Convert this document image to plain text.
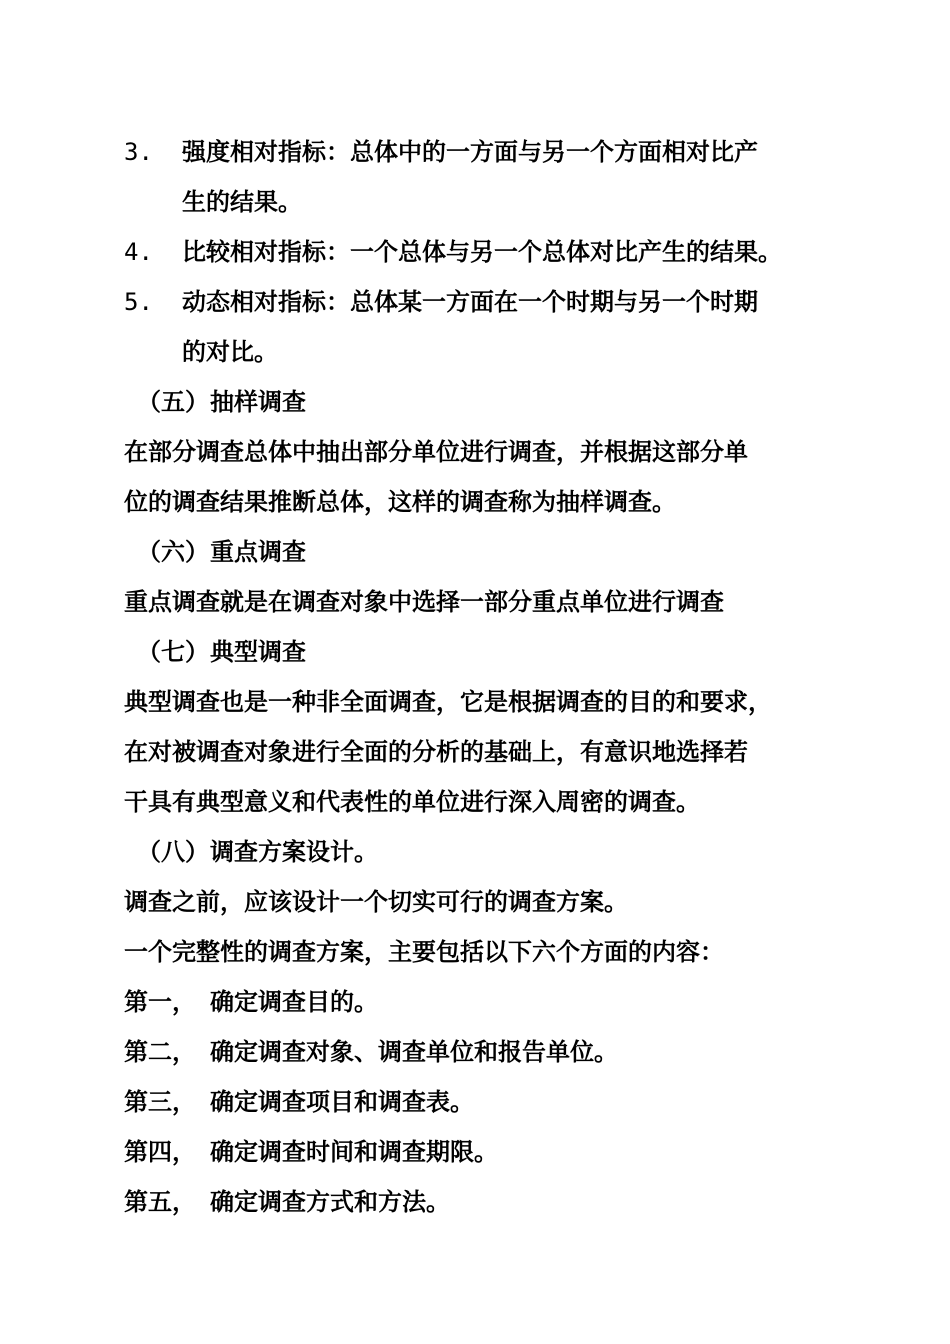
3. 强度相对指标：总体中的一方面与另一个方面相对比产
生的结果。
4. 比较相对指标：一个总体与另一个总体对比产生的结果。
5. 动态相对指标：总体某一方面在一个时期与另一个时期
的对比。
（五） 抽样调查
在部分调查总体中抽出部分单位进行调查，并根据这部分单
位的调查结果推断总体，这样的调查称为抽样调查。
（六） 重点调查
重点调查就是在调查对象中选择一部分重点单位进行调查
（七） 典型调查
典型调查也是一种非全面调查，它是根据调查的目的和要求，
在对被调查对象进行全面的分析的基础上，有意识地选择若
干具有典型意义和代表性的单位进行深入周密的调查。
（八） 调查方案设计。
调查之前，应该设计一个切实可行的调查方案。
一个完整性的调查方案，主要包括以下六个方面的内容：
第一， 确定调查目的。
第二， 确定调查对象、调查单位和报告单位。
第三， 确定调查项目和调查表。
第四， 确定调查时间和调查期限。
第五， 确定调查方式和方法。
